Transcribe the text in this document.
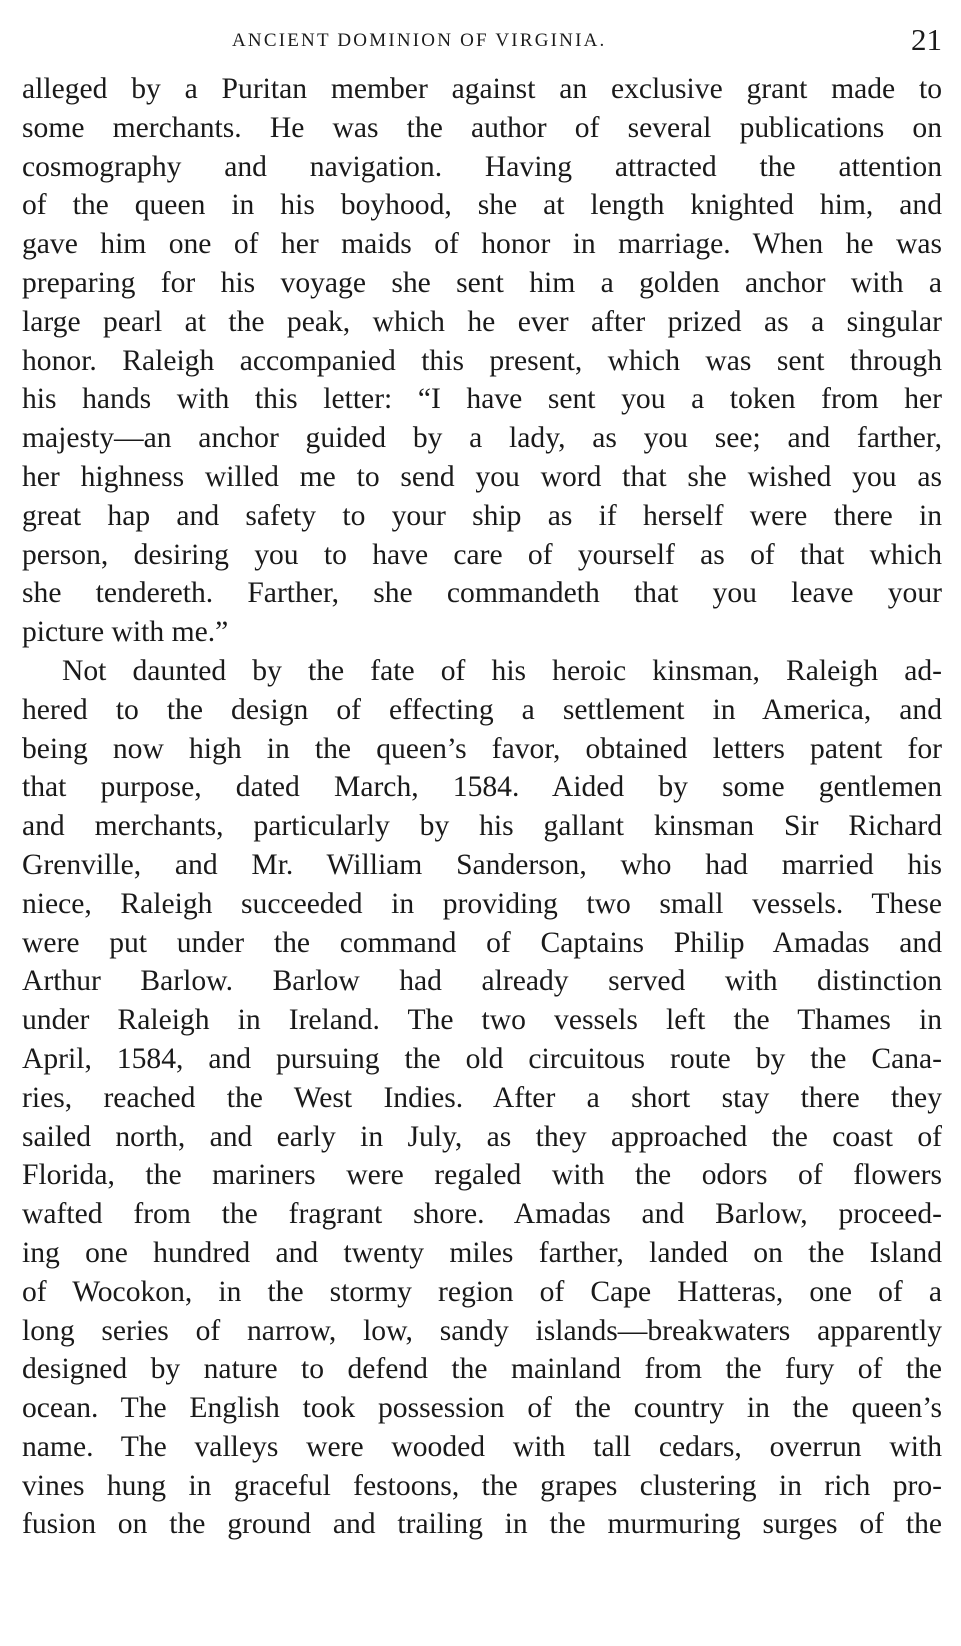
ANCIENT DOMINION OF VIRGINIA.	21
alleged by a Puritan member against an exclusive grant made to
some merchants. He was the author of several publications on
cosmography and navigation. Having attracted the attention
of the queen in his boyhood, she at length knighted him, and
gave him one of her maids of honor in marriage. When he was
preparing for his voyage she sent him a golden anchor with a
large pearl at the peak, which he ever after prized as a singular
honor. Raleigh accompanied this present, which was sent through
his hands with this letter: “I have sent you a token from her
majesty—an anchor guided by a lady, as you see; and farther,
her highness willed me to send you word that she wished you as
great hap and safety to your ship as if herself were there in
person, desiring you to have care of yourself as of that which
she tendereth. Farther, she commandeth that you leave your
picture with me.”
Not daunted by the fate of his heroic kinsman, Raleigh ad-
hered to the design of effecting a settlement in America, and
being now high in the queen’s favor, obtained letters patent for
that purpose, dated March, 1584. Aided by some gentlemen
and merchants, particularly by his gallant kinsman Sir Richard
Grenville, and Mr. William Sanderson, who had married his
niece, Raleigh succeeded in providing two small vessels. These
were put under the command of Captains Philip Amadas and
Arthur Barlow. Barlow had already served with distinction
under Raleigh in Ireland. The two vessels left the Thames in
April, 1584, and pursuing the old circuitous route by the Cana-
ries, reached the West Indies. After a short stay there they
sailed north, and early in July, as they approached the coast of
Florida, the mariners were regaled with the odors of flowers
wafted from the fragrant shore. Amadas and Barlow, proceed-
ing one hundred and twenty miles farther, landed on the Island
of Wocokon, in the stormy region of Cape Hatteras, one of a
long series of narrow, low, sandy islands—breakwaters apparently
designed by nature to defend the mainland from the fury of the
ocean. The English took possession of the country in the queen’s
name. The valleys were wooded with tall cedars, overrun with
vines hung in graceful festoons, the grapes clustering in rich pro-
fusion on the ground and trailing in the murmuring surges of the
